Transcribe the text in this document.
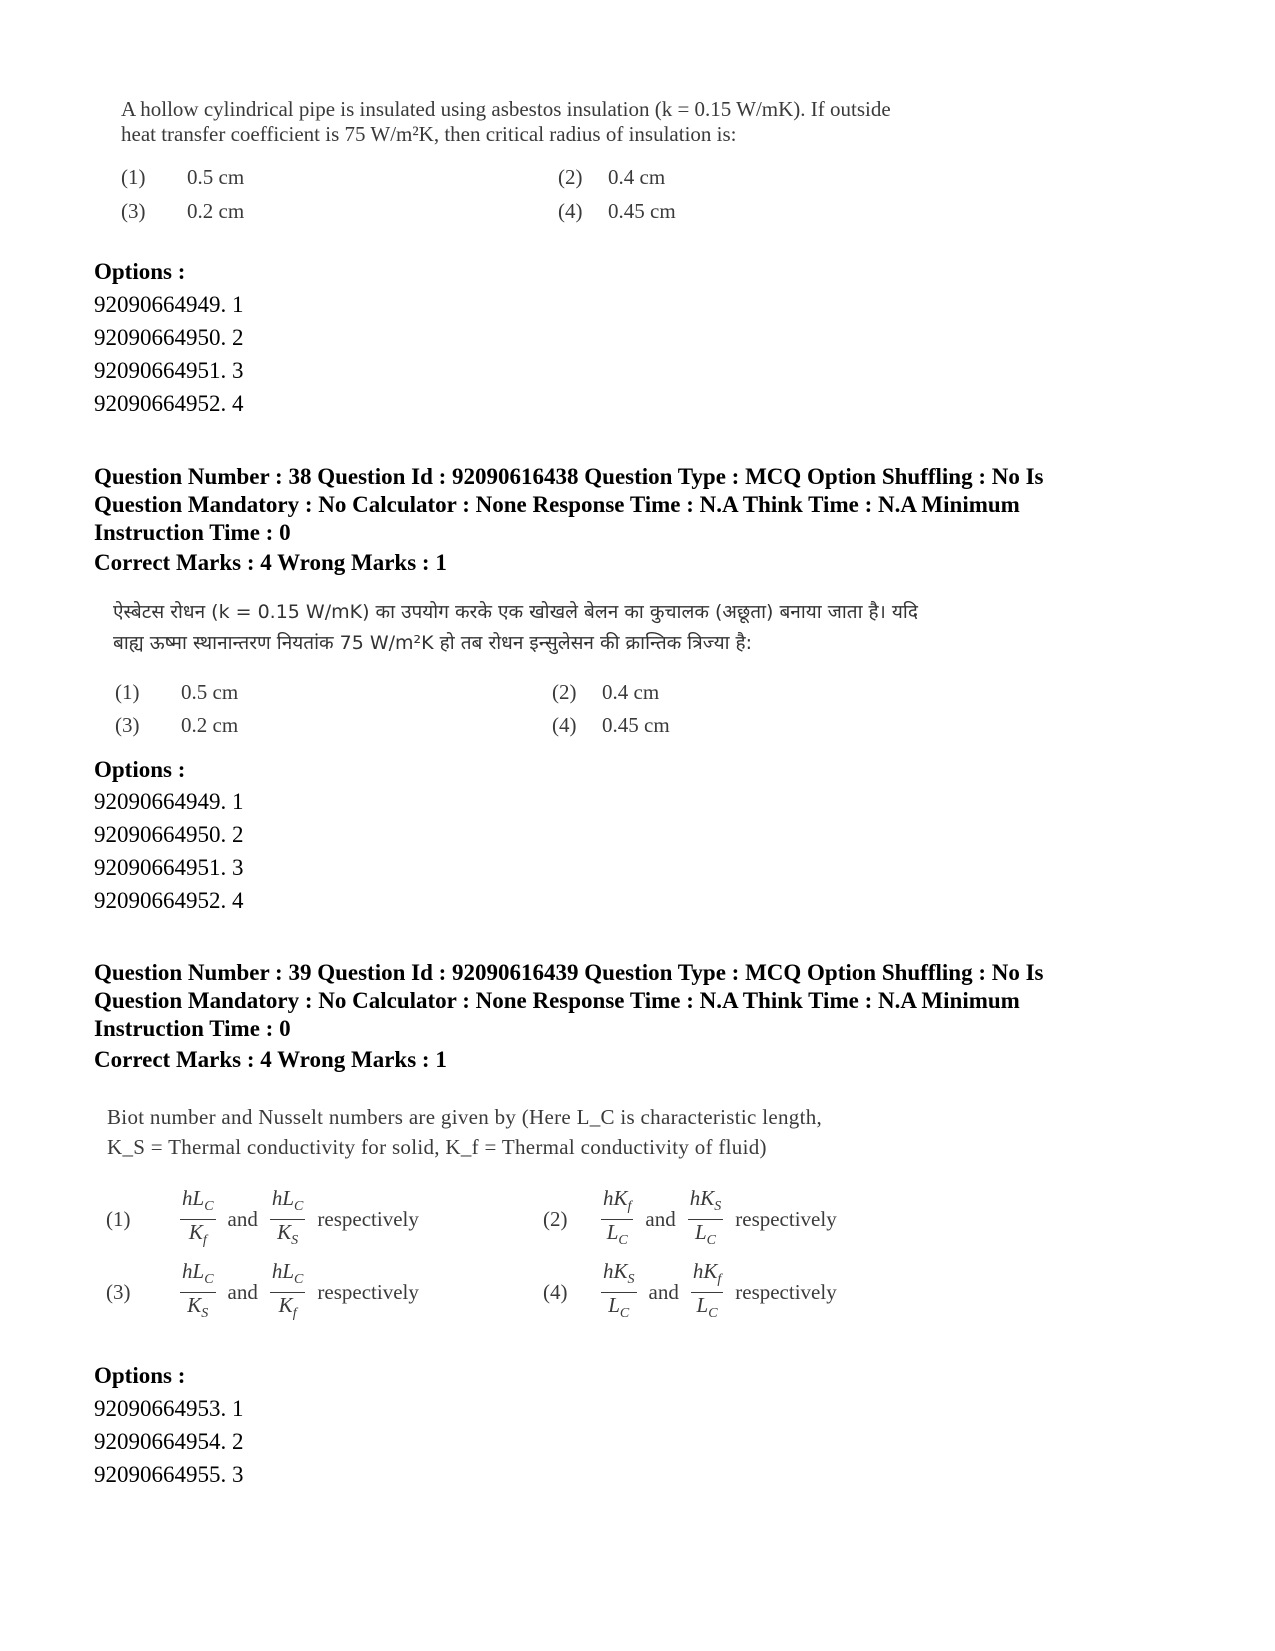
A hollow cylindrical pipe is insulated using asbestos insulation (k = 0.15 W/mK). If outside
heat transfer coefficient is 75 W/m²K, then critical radius of insulation is:
(1)	0.5 cm	(2)	0.4 cm
(3)	0.2 cm	(4)	0.45 cm
Options :
92090664949. 1
92090664950. 2
92090664951. 3
92090664952. 4
Question Number : 38 Question Id : 92090616438 Question Type : MCQ Option Shuffling : No Is
Question Mandatory : No Calculator : None Response Time : N.A Think Time : N.A Minimum
Instruction Time : 0
Correct Marks : 4 Wrong Marks : 1
ऐस्बेटस रोधन (k = 0.15 W/mK) का उपयोग करके एक खोखले बेलन का कुचालक (अछूता) बनाया जाता है। यदि
बाह्य ऊष्मा स्थानान्तरण नियतांक 75 W/m²K हो तब रोधन इन्सुलेसन की क्रान्तिक त्रिज्या है:
(1)	0.5 cm	(2)	0.4 cm
(3)	0.2 cm	(4)	0.45 cm
Options :
92090664949. 1
92090664950. 2
92090664951. 3
92090664952. 4
Question Number : 39 Question Id : 92090616439 Question Type : MCQ Option Shuffling : No Is
Question Mandatory : No Calculator : None Response Time : N.A Think Time : N.A Minimum
Instruction Time : 0
Correct Marks : 4 Wrong Marks : 1
Biot number and Nusselt numbers are given by (Here L_C is characteristic length,
K_S = Thermal conductivity for solid, K_f = Thermal conductivity of fluid)
(1)	$\frac{hL_C}{K_f}$ and $\frac{hL_C}{K_S}$ respectively	(2)	$\frac{hK_f}{L_C}$ and $\frac{hK_S}{L_C}$ respectively
(3)	$\frac{hL_C}{K_S}$ and $\frac{hL_C}{K_f}$ respectively	(4)	$\frac{hK_S}{L_C}$ and $\frac{hK_f}{L_C}$ respectively
Options :
92090664953. 1
92090664954. 2
92090664955. 3
